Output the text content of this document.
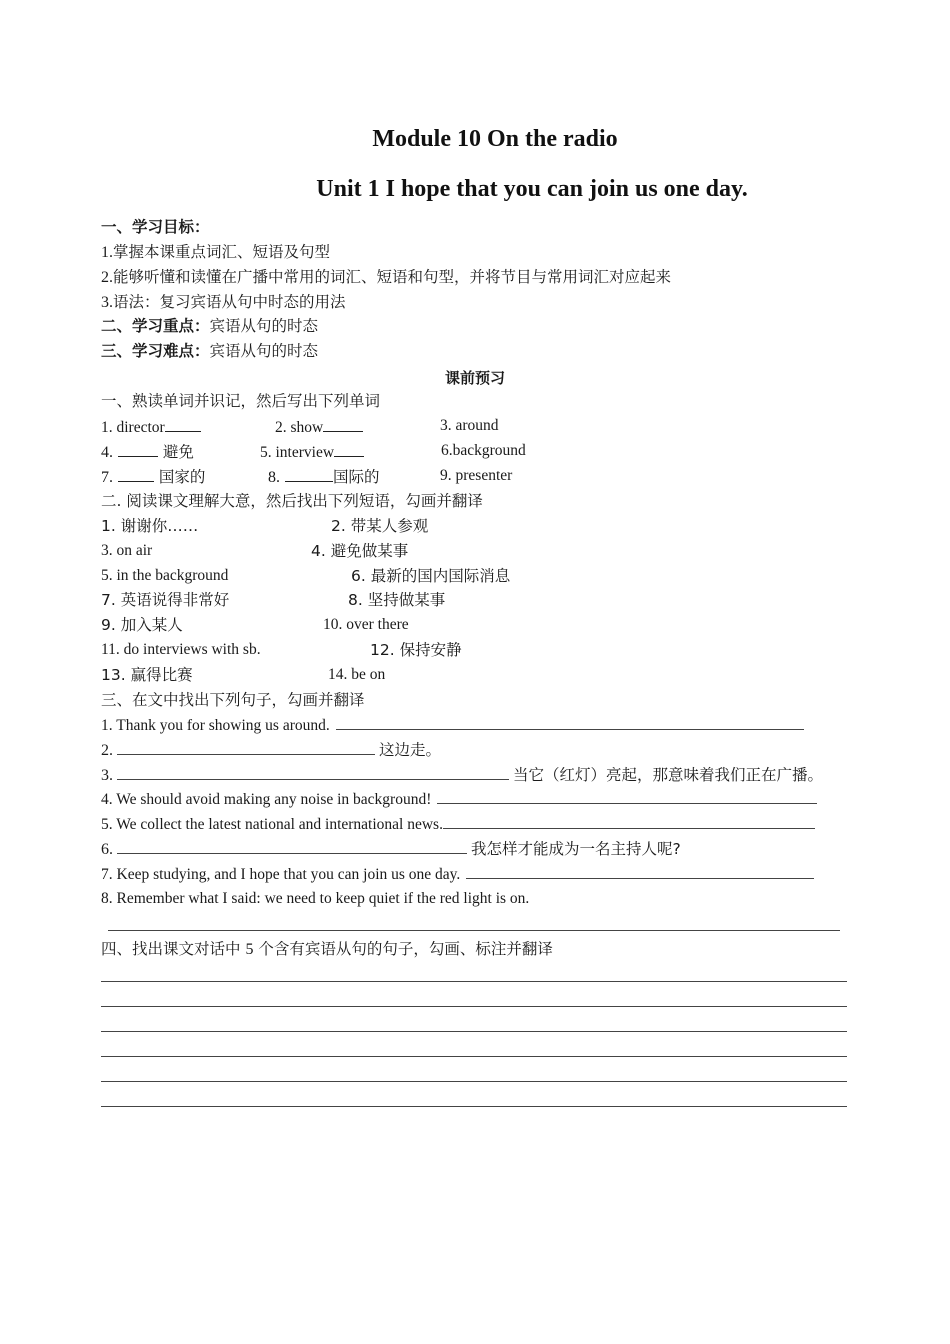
Module 10 On the radio
Unit 1 I hope that you can join us one day.
一、学习目标：
1.掌握本课重点词汇、短语及句型
2.能够听懂和读懂在广播中常用的词汇、短语和句型，并将节目与常用词汇对应起来
3.语法：复习宾语从句中时态的用法
二、学习重点：宾语从句的时态
三、学习难点：宾语从句的时态
课前预习
一、熟读单词并识记，然后写出下列单词
1. director	2. show	3. around
4.	避免	5. interview	6.background
7.	国家的	8.	国际的	9. presenter
二. 阅读课文理解大意，然后找出下列短语，勾画并翻译
1. 谢谢你……	2. 带某人参观
3. on air	4. 避免做某事
5. in the background	6. 最新的国内国际消息
7. 英语说得非常好	8. 坚持做某事
9. 加入某人	10. over there
11. do interviews with sb.	12. 保持安静
13. 赢得比赛	14. be on
三、在文中找出下列句子，勾画并翻译
1. Thank you for showing us around.
2.	这边走。
3.	当它（红灯）亮起，那意味着我们正在广播。
4. We should avoid making any noise in background!
5. We collect the latest national and international news.
6.	我怎样才能成为一名主持人呢?
7. Keep studying, and I hope that you can join us one day.
8. Remember what I said: we need to keep quiet if the red light is on.
四、找出课文对话中 5 个含有宾语从句的句子，勾画、标注并翻译
